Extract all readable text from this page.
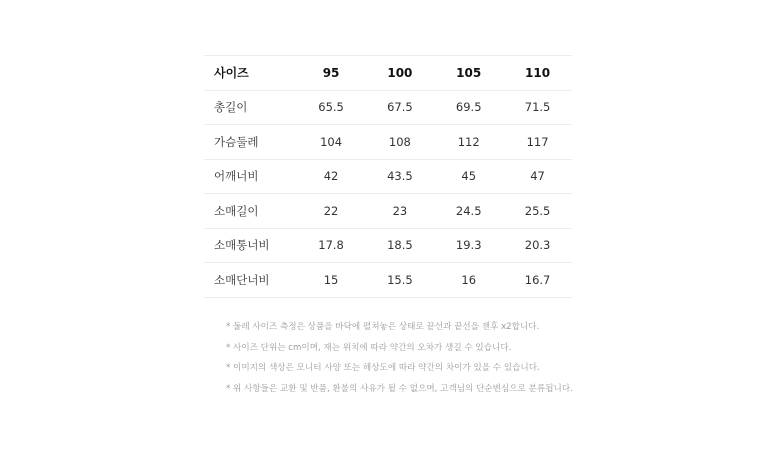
사이즈	95	100	105	110
총길이	65.5	67.5	69.5	71.5
가슴둘레	104	108	112	117
어깨너비	42	43.5	45	47
소매길이	22	23	24.5	25.5
소매통너비	17.8	18.5	19.3	20.3
소매단너비	15	15.5	16	16.7
* 둘레 사이즈 측정은 상품을 바닥에 펼쳐놓은 상태로 끝선과 끝선을 잰후 x2합니다.
* 사이즈 단위는 cm이며, 재는 위치에 따라 약간의 오차가 생길 수 있습니다.
* 이미지의 색상은 모니터 사양 또는 해상도에 따라 약간의 차이가 있을 수 있습니다.
* 위 사항들은 교환 및 반품, 환불의 사유가 될 수 없으며, 고객님의 단순변심으로 분류됩니다.
